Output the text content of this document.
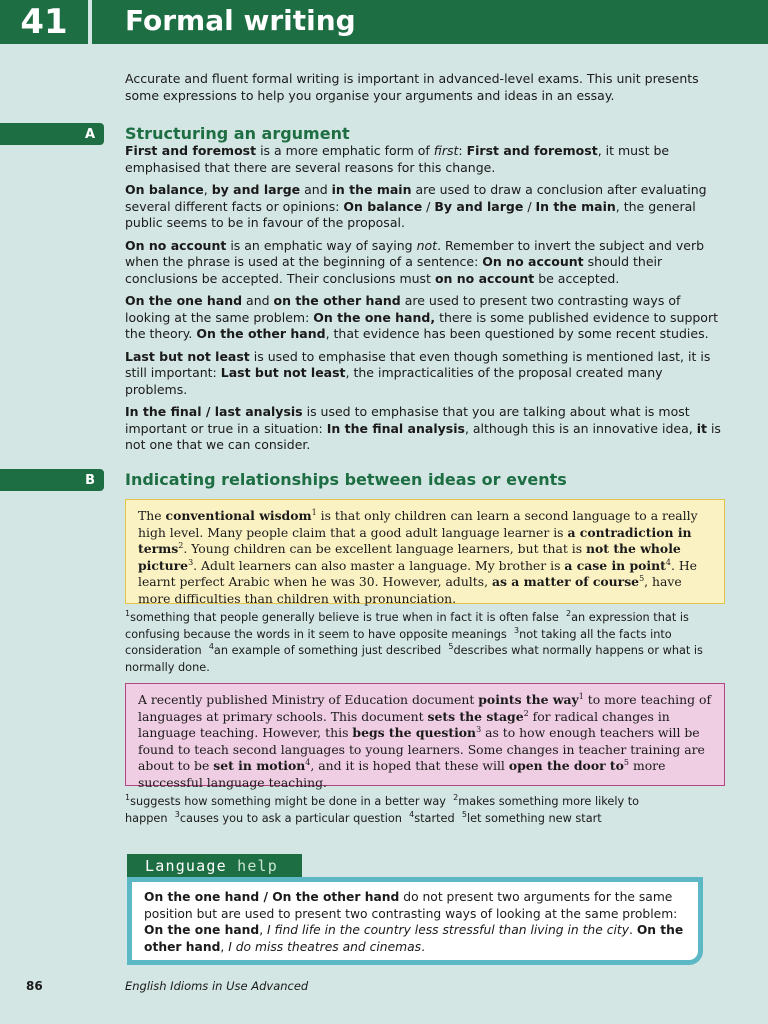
41	Formal writing
Accurate and fluent formal writing is important in advanced-level exams. This unit presents some expressions to help you organise your arguments and ideas in an essay.
A	Structuring an argument

First and foremost is a more emphatic form of first: First and foremost, it must be emphasised that there are several reasons for this change.

On balance, by and large and in the main are used to draw a conclusion after evaluating several different facts or opinions: On balance / By and large / In the main, the general public seems to be in favour of the proposal.

On no account is an emphatic way of saying not. Remember to invert the subject and verb when the phrase is used at the beginning of a sentence: On no account should their conclusions be accepted. Their conclusions must on no account be accepted.

On the one hand and on the other hand are used to present two contrasting ways of looking at the same problem: On the one hand, there is some published evidence to support the theory. On the other hand, that evidence has been questioned by some recent studies.

Last but not least is used to emphasise that even though something is mentioned last, it is still important: Last but not least, the impracticalities of the proposal created many problems.

In the final / last analysis is used to emphasise that you are talking about what is most important or true in a situation: In the final analysis, although this is an innovative idea, it is not one that we can consider.

B	Indicating relationships between ideas or events
The conventional wisdom$^1$ is that only children can learn a second language to a really high level. Many people claim that a good adult language learner is a contradiction in terms$^2$. Young children can be excellent language learners, but that is not the whole picture$^3$. Adult learners can also master a language. My brother is a case in point$^4$. He learnt perfect Arabic when he was 30. However, adults, as a matter of course$^5$, have more difficulties than children with pronunciation.
$^1$something that people generally believe is true when in fact it is often false $^2$an expression that is confusing because the words in it seem to have opposite meanings $^3$not taking all the facts into consideration $^4$an example of something just described $^5$describes what normally happens or what is normally done.
A recently published Ministry of Education document points the way$^1$ to more teaching of languages at primary schools. This document sets the stage$^2$ for radical changes in language teaching. However, this begs the question$^3$ as to how enough teachers will be found to teach second languages to young learners. Some changes in teacher training are about to be set in motion$^4$, and it is hoped that these will open the door $to^5$ more successful language teaching.
$^1$suggests how something might be done in a better way $^2$makes something more likely to happen $^3$causes you to ask a particular question $^4$started $^5$let something new start
Language
help
On the one hand / On the other hand do not present two arguments for the same position but are used to present two contrasting ways of looking at the same problem:
On the one hand, I find life in the country less stressful than living in the city. On the other hand, I do miss theatres and cinemas.
86	English Idioms in Use Advanced
